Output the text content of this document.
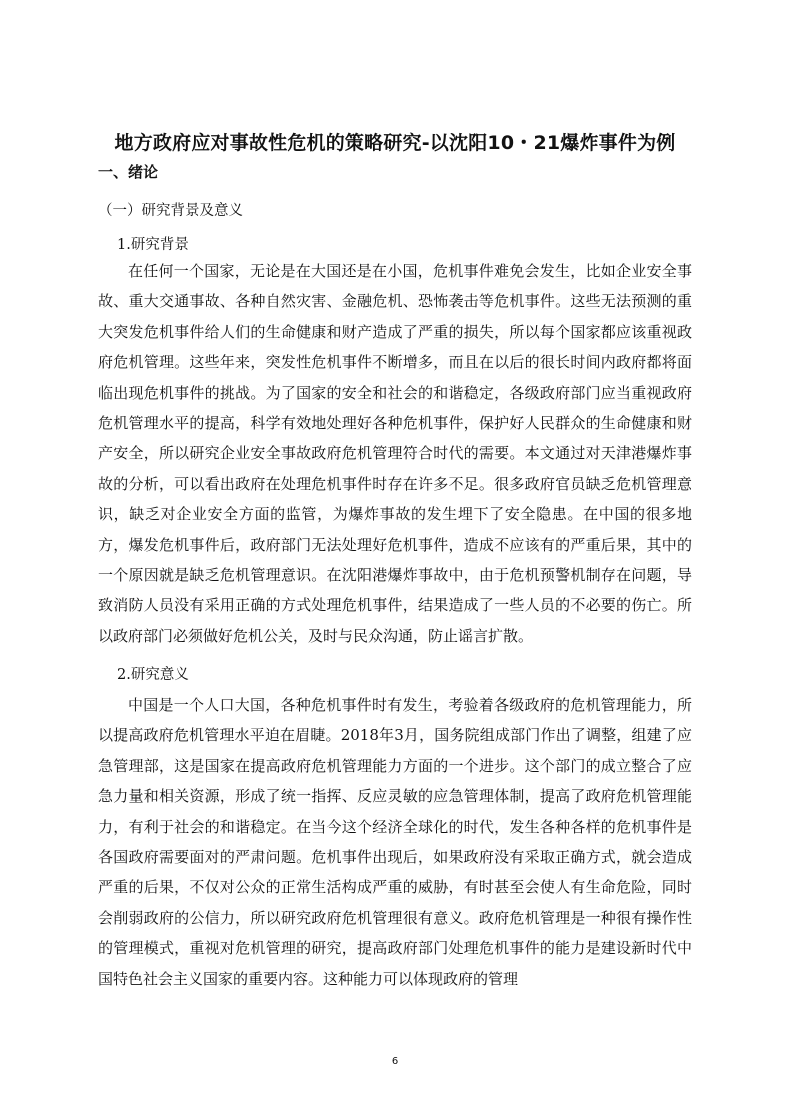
地方政府应对事故性危机的策略研究-以沈阳10・21爆炸事件为例
一、绪论
（一）研究背景及意义
1.研究背景
在任何一个国家，无论是在大国还是在小国，危机事件难免会发生，比如企业安全事故、重大交通事故、各种自然灾害、金融危机、恐怖袭击等危机事件。这些无法预测的重大突发危机事件给人们的生命健康和财产造成了严重的损失，所以每个国家都应该重视政府危机管理。这些年来，突发性危机事件不断增多，而且在以后的很长时间内政府都将面临出现危机事件的挑战。为了国家的安全和社会的和谐稳定，各级政府部门应当重视政府危机管理水平的提高，科学有效地处理好各种危机事件，保护好人民群众的生命健康和财产安全，所以研究企业安全事故政府危机管理符合时代的需要。本文通过对天津港爆炸事故的分析，可以看出政府在处理危机事件时存在许多不足。很多政府官员缺乏危机管理意识，缺乏对企业安全方面的监管，为爆炸事故的发生埋下了安全隐患。在中国的很多地方，爆发危机事件后，政府部门无法处理好危机事件，造成不应该有的严重后果，其中的一个原因就是缺乏危机管理意识。在沈阳港爆炸事故中，由于危机预警机制存在问题，导致消防人员没有采用正确的方式处理危机事件，结果造成了一些人员的不必要的伤亡。所以政府部门必须做好危机公关，及时与民众沟通，防止谣言扩散。
2.研究意义
中国是一个人口大国，各种危机事件时有发生，考验着各级政府的危机管理能力，所以提高政府危机管理水平迫在眉睫。2018年3月，国务院组成部门作出了调整，组建了应急管理部，这是国家在提高政府危机管理能力方面的一个进步。这个部门的成立整合了应急力量和相关资源，形成了统一指挥、反应灵敏的应急管理体制，提高了政府危机管理能力，有利于社会的和谐稳定。在当今这个经济全球化的时代，发生各种各样的危机事件是各国政府需要面对的严肃问题。危机事件出现后，如果政府没有采取正确方式，就会造成严重的后果，不仅对公众的正常生活构成严重的威胁，有时甚至会使人有生命危险，同时会削弱政府的公信力，所以研究政府危机管理很有意义。政府危机管理是一种很有操作性的管理模式，重视对危机管理的研究，提高政府部门处理危机事件的能力是建设新时代中国特色社会主义国家的重要内容。这种能力可以体现政府的管理
6
